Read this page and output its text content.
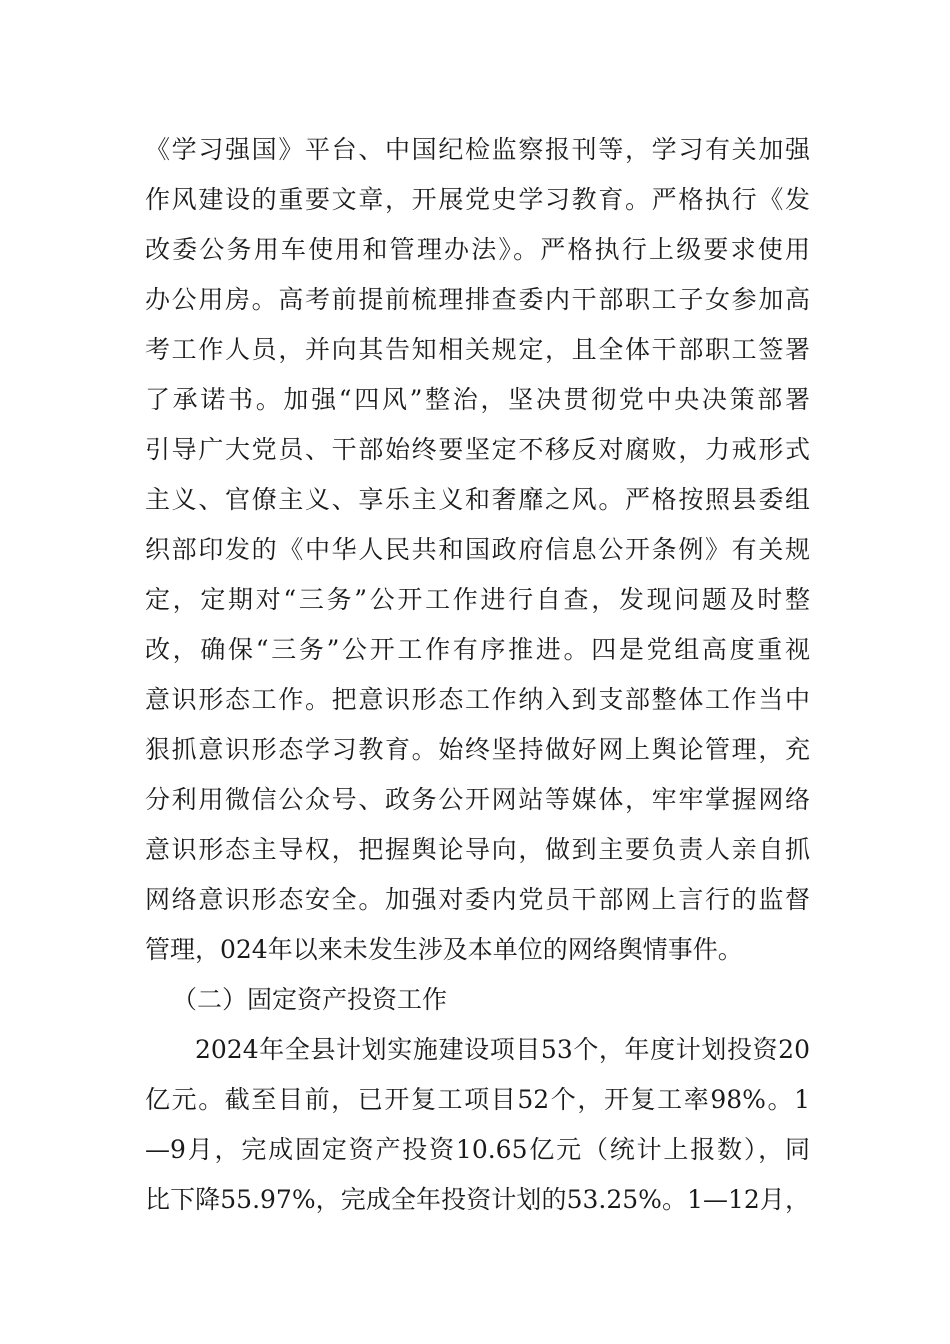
《学习强国》平台、中国纪检监察报刊等，学习有关加强
作风建设的重要文章，开展党史学习教育。严格执行《发
改委公务用车使用和管理办法》。严格执行上级要求使用
办公用房。高考前提前梳理排查委内干部职工子女参加高
考工作人员，并向其告知相关规定，且全体干部职工签署
了承诺书。加强“四风”整治，坚决贯彻党中央决策部署
引导广大党员、干部始终要坚定不移反对腐败，力戒形式
主义、官僚主义、享乐主义和奢靡之风。严格按照县委组
织部印发的《中华人民共和国政府信息公开条例》有关规
定，定期对“三务”公开工作进行自查，发现问题及时整
改，确保“三务”公开工作有序推进。四是党组高度重视
意识形态工作。把意识形态工作纳入到支部整体工作当中
狠抓意识形态学习教育。始终坚持做好网上舆论管理，充
分利用微信公众号、政务公开网站等媒体，牢牢掌握网络
意识形态主导权，把握舆论导向，做到主要负责人亲自抓
网络意识形态安全。加强对委内党员干部网上言行的监督
管理，024年以来未发生涉及本单位的网络舆情事件。
（二）固定资产投资工作
2024年全县计划实施建设项目53个，年度计划投资20
亿元。截至目前，已开复工项目52个，开复工率98%。1
—9月，完成固定资产投资10.65亿元（统计上报数），同
比下降55.97%，完成全年投资计划的53.25%。1—12月，
